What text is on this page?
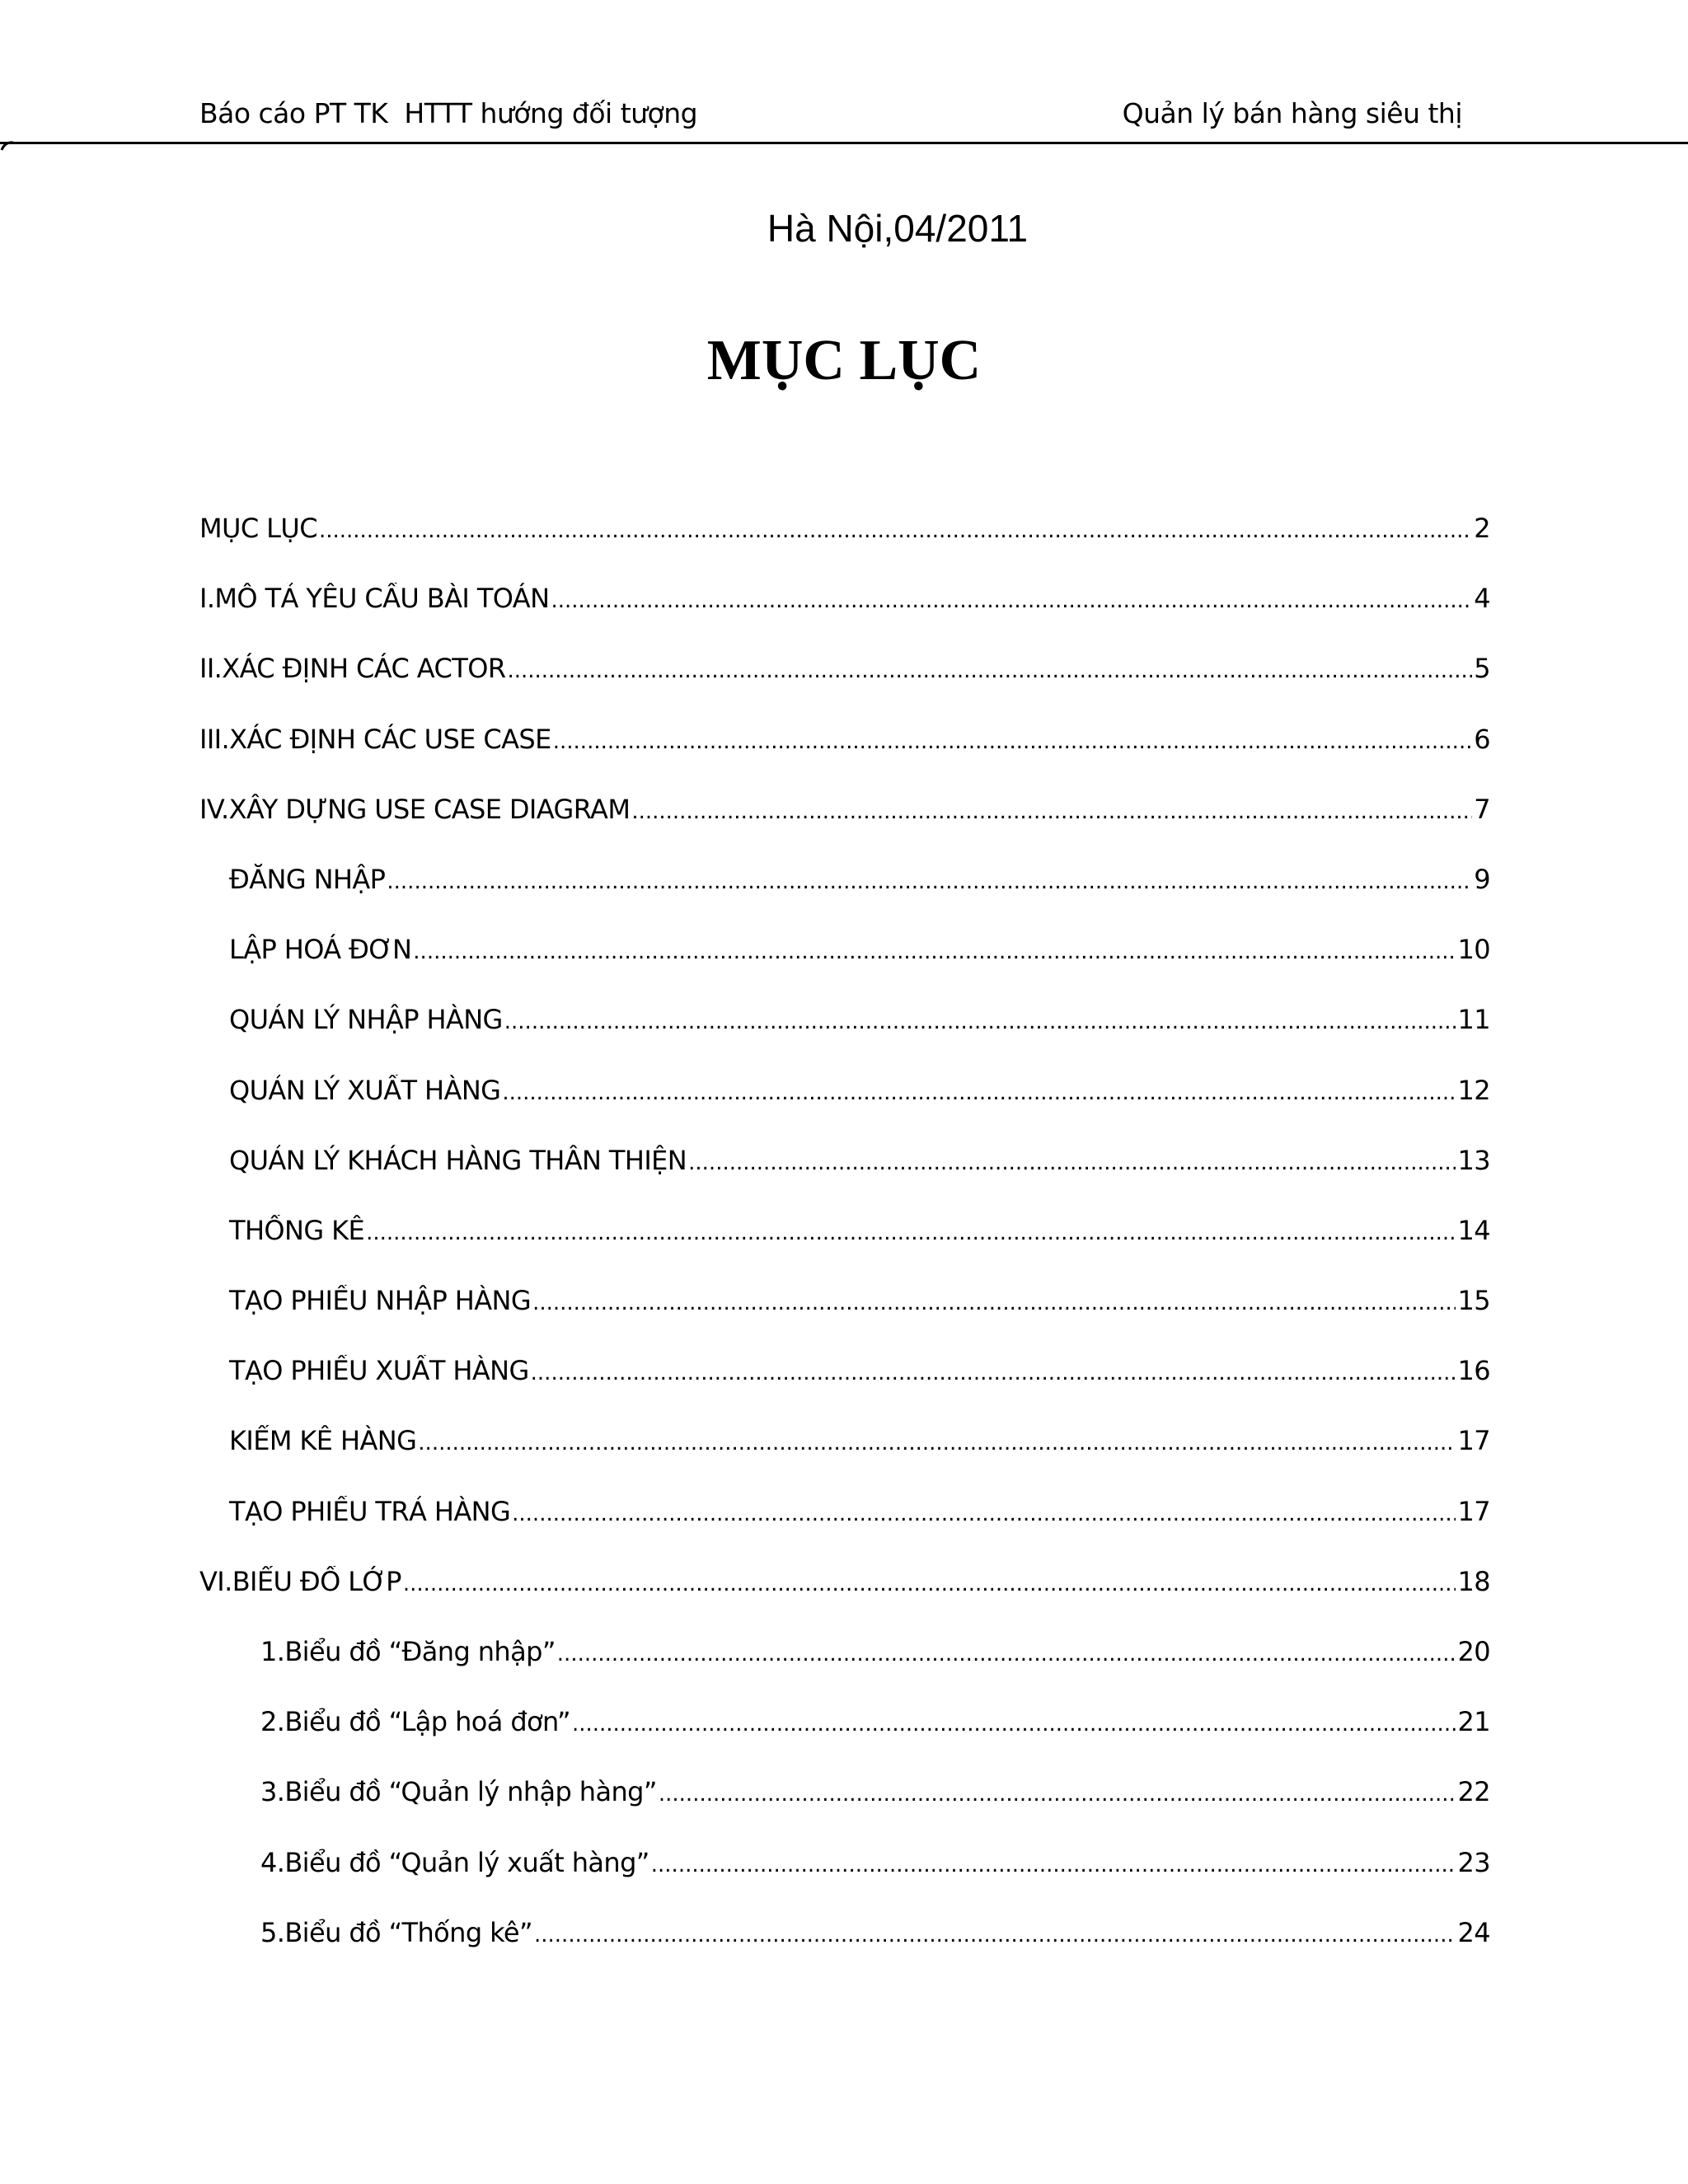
Báo cáo PT TK  HTTT hướng đối tượng	Quản lý bán hàng siêu thị
Hà Nội,04/2011
MỤC LỤC
MỤC LỤC .....	2
I.MÔ TẢ YÊU CẦU BÀI TOÁN .....	4
II.XÁC ĐỊNH CÁC ACTOR .....	5
III.XÁC ĐỊNH CÁC USE CASE .....	6
IV.XÂY DỰNG USE CASE DIAGRAM .....	7
ĐĂNG NHẬP .....	9
LẬP HOÁ ĐƠN .....	10
QUẢN LÝ NHẬP HÀNG .....	11
QUẢN LÝ XUẤT HÀNG .....	12
QUẢN LÝ KHÁCH HÀNG THÂN THIỆN .....	13
THỐNG KÊ .....	14
TẠO PHIẾU NHẬP HÀNG .....	15
TẠO PHIẾU XUẤT HÀNG .....	16
KIỂM KÊ HÀNG .....	17
TẠO PHIẾU TRẢ HÀNG .....	17
VI.BIỂU ĐỒ LỚP .....	18
1.Biểu đồ “Đăng nhập” .....	20
2.Biểu đồ “Lập hoá đơn” .....	21
3.Biểu đồ “Quản lý nhập hàng” .....	22
4.Biểu đồ “Quản lý xuất hàng” .....	23
5.Biểu đồ “Thống kê” .....	24
